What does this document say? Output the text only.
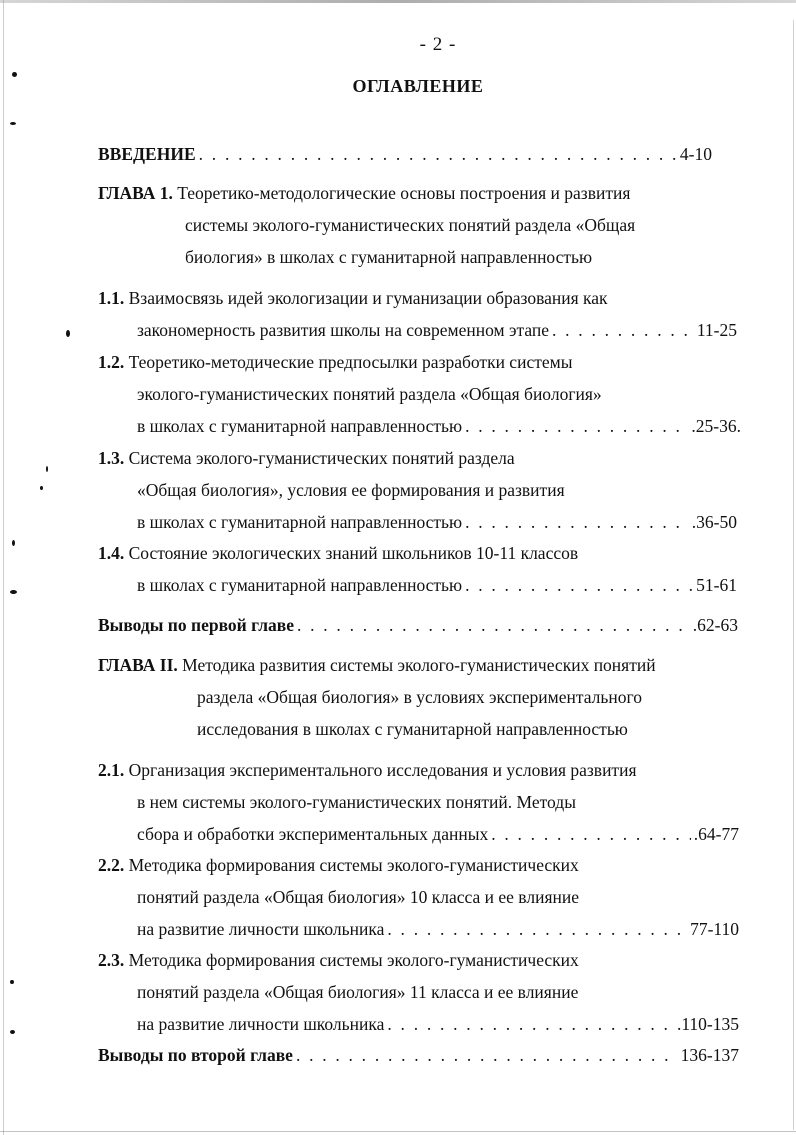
- 2 -
ОГЛАВЛЕНИЕ
ВВЕДЕНИЕ . . .	4-10
ГЛАВА 1. Теоретико-методологические основы построения и развития
системы эколого-гуманистических понятий раздела «Общая
биология» в школах с гуманитарной направленностью
1.1. Взаимосвязь идей экологизации и гуманизации образования как
закономерность развития школы на современном этапе . . .	11-25
1.2. Теоретико-методические предпосылки разработки системы
эколого-гуманистических понятий раздела «Общая биология»
в школах с гуманитарной направленностью . . .	.25-36.
1.3. Система эколого-гуманистических понятий раздела
«Общая биология», условия ее формирования и развития
в школах с гуманитарной направленностью . . .	.36-50
1.4. Состояние экологических знаний школьников 10-11 классов
в школах с гуманитарной направленностью . . .	51-61
Выводы по первой главе . . .	.62-63
ГЛАВА II. Методика развития системы эколого-гуманистических понятий
раздела «Общая биология» в условиях экспериментального
исследования в школах с гуманитарной направленностью
2.1. Организация экспериментального исследования и условия развития
в нем системы эколого-гуманистических понятий. Методы
сбора и обработки экспериментальных данных . . .	.64-77
2.2. Методика формирования системы эколого-гуманистических
понятий раздела «Общая биология» 10 класса и ее влияние
на развитие личности школьника . . .	77-110
2.3. Методика формирования системы эколого-гуманистических
понятий раздела «Общая биология» 11 класса и ее влияние
на развитие личности школьника . . .	.110-135
Выводы по второй главе . . .	136-137
